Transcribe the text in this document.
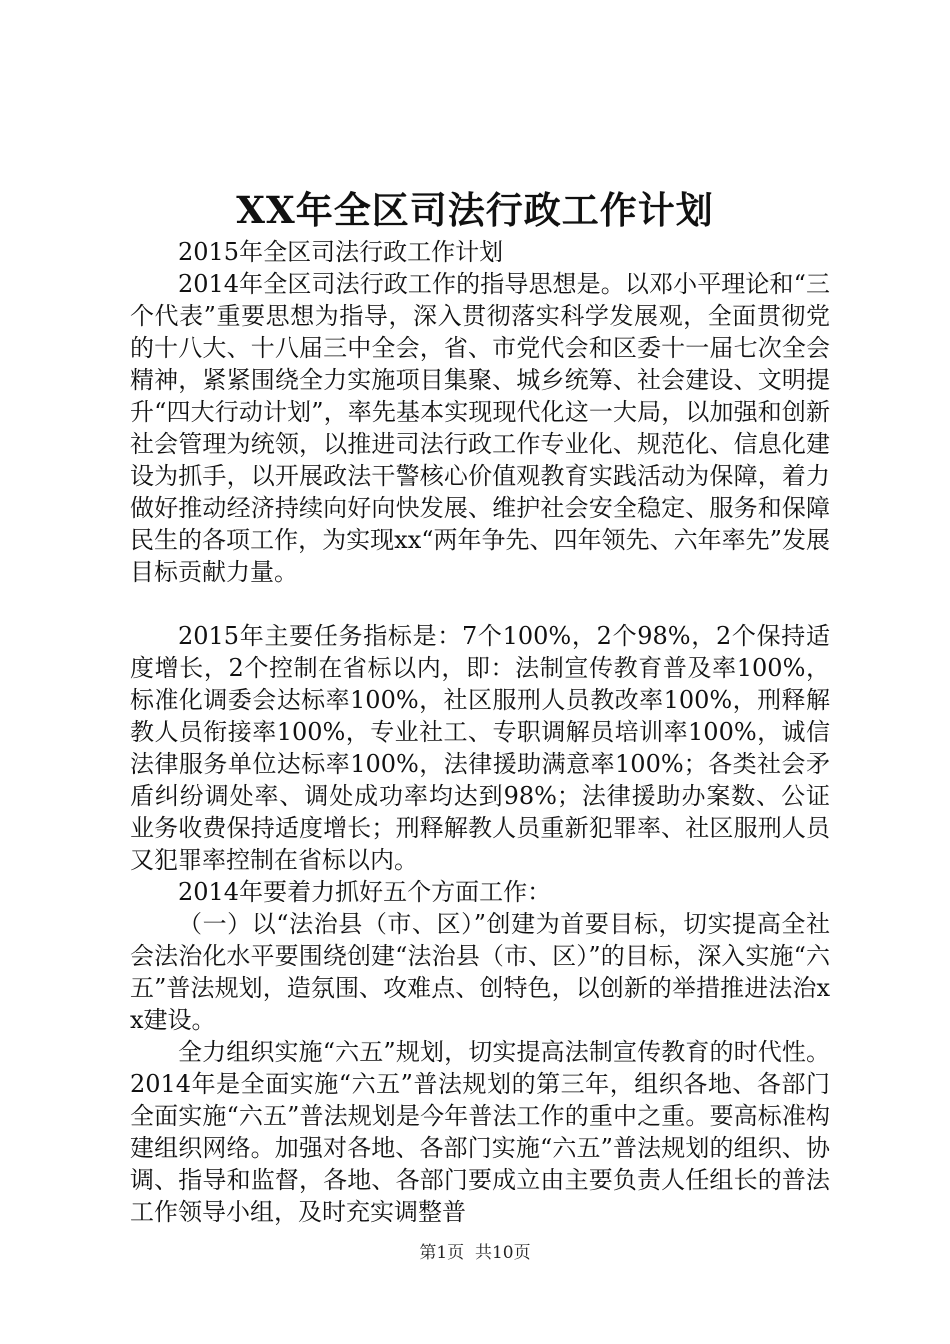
XX年全区司法行政工作计划

2015年全区司法行政工作计划

2014年全区司法行政工作的指导思想是。以邓小平理论和“三个代表”重要思想为指导，深入贯彻落实科学发展观，全面贯彻党的十八大、十八届三中全会，省、市党代会和区委十一届七次全会精神，紧紧围绕全力实施项目集聚、城乡统筹、社会建设、文明提升“四大行动计划”，率先基本实现现代化这一大局，以加强和创新社会管理为统领，以推进司法行政工作专业化、规范化、信息化建设为抓手，以开展政法干警核心价值观教育实践活动为保障，着力做好推动经济持续向好向快发展、维护社会安全稳定、服务和保障民生的各项工作，为实现xx“两年争先、四年领先、六年率先”发展目标贡献力量。

2015年主要任务指标是：7个100%，2个98%，2个保持适度增长，2个控制在省标以内，即：法制宣传教育普及率100%，标准化调委会达标率100%，社区服刑人员教改率100%，刑释解教人员衔接率100%，专业社工、专职调解员培训率100%，诚信法律服务单位达标率100%，法律援助满意率100%；各类社会矛盾纠纷调处率、调处成功率均达到98%；法律援助办案数、公证业务收费保持适度增长；刑释解教人员重新犯罪率、社区服刑人员又犯罪率控制在省标以内。

2014年要着力抓好五个方面工作：

（一）以“法治县（市、区）”创建为首要目标，切实提高全社会法治化水平要围绕创建“法治县（市、区）”的目标，深入实施“六五”普法规划，造氛围、攻难点、创特色，以创新的举措推进法治xx建设。

全力组织实施“六五”规划，切实提高法制宣传教育的时代性。2014年是全面实施“六五”普法规划的第三年，组织各地、各部门全面实施“六五”普法规划是今年普法工作的重中之重。要高标准构建组织网络。加强对各地、各部门实施“六五”普法规划的组织、协调、指导和监督，各地、各部门要成立由主要负责人任组长的普法工作领导小组，及时充实调整普

第1页  共10页
